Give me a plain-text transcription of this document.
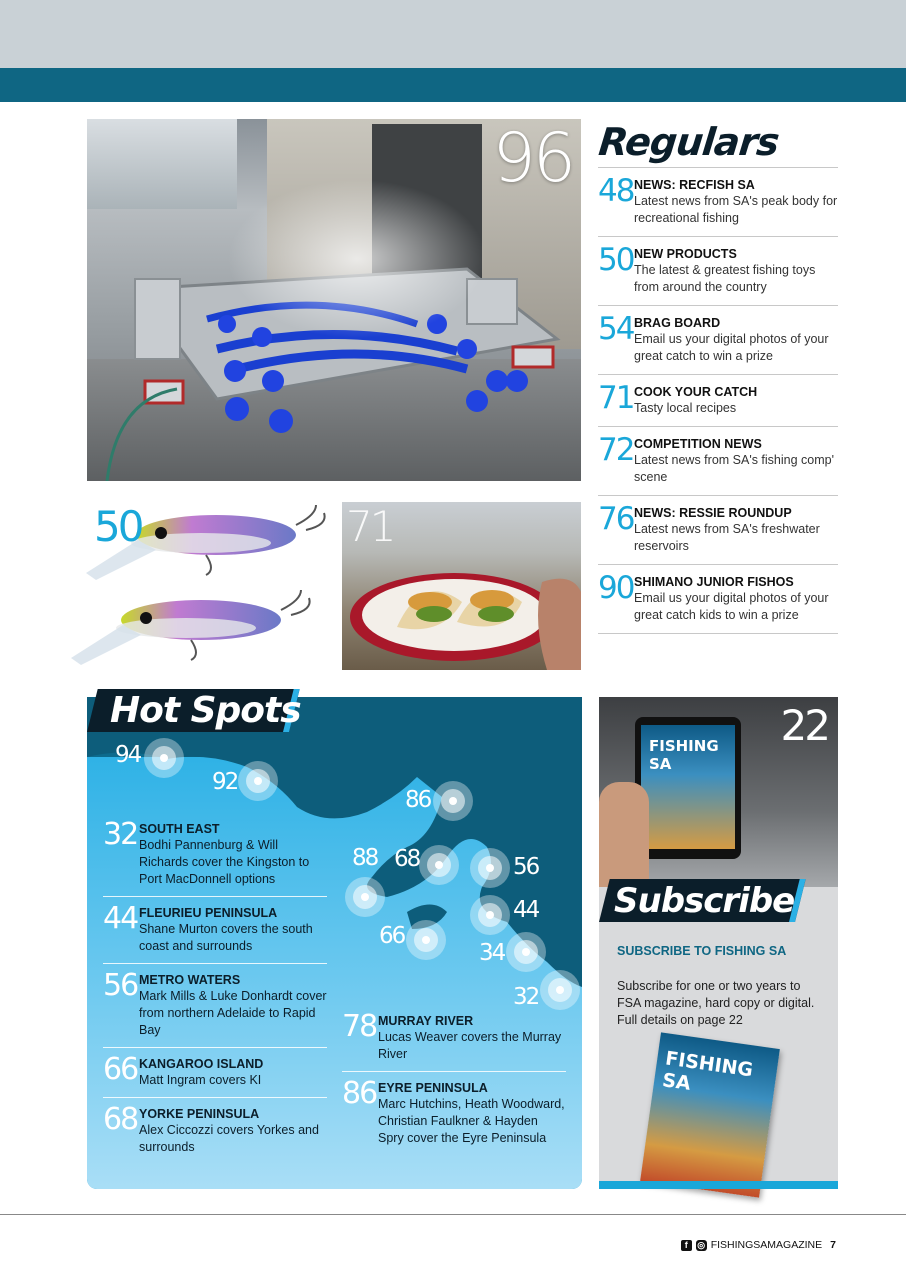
96
50	71
Regulars
48 NEWS: RECFISH SA
Latest news from SA's peak body for recreational fishing
50 NEW PRODUCTS
The latest & greatest fishing toys from around the country
54 BRAG BOARD
Email us your digital photos of your great catch to win a prize
71 COOK YOUR CATCH
Tasty local recipes
72 COMPETITION NEWS
Latest news from SA's fishing comp' scene
76 NEWS: RESSIE ROUNDUP
Latest news from SA's freshwater reservoirs
90 SHIMANO JUNIOR FISHOS
Email us your digital photos of your great catch kids to win a prize
94
92
86
88 68	56
44
66
34
32
32 SOUTH EAST
Bodhi Pannenburg & Will Richards cover the Kingston to Port MacDonnell options
44 FLEURIEU PENINSULA
Shane Murton covers the south coast and surrounds
56 METRO WATERS
Mark Mills & Luke Donhardt cover from northern Adelaide to Rapid Bay
66 KANGAROO ISLAND
Matt Ingram covers KI
68 YORKE PENINSULA
Alex Ciccozzi covers Yorkes and surrounds
78 MURRAY RIVER
Lucas Weaver covers the Murray River
86 EYRE PENINSULA
Marc Hutchins, Heath Woodward, Christian Faulkner & Hayden Spry cover the Eyre Peninsula
Hot Spots
FISHING SA
22
Subscribe
SUBSCRIBE TO FISHING SA
Subscribe for one or two years to FSA magazine, hard copy or digital. Full details on page 22
FISHING SA
f	◎ FISHINGSAMAGAZINE 7
